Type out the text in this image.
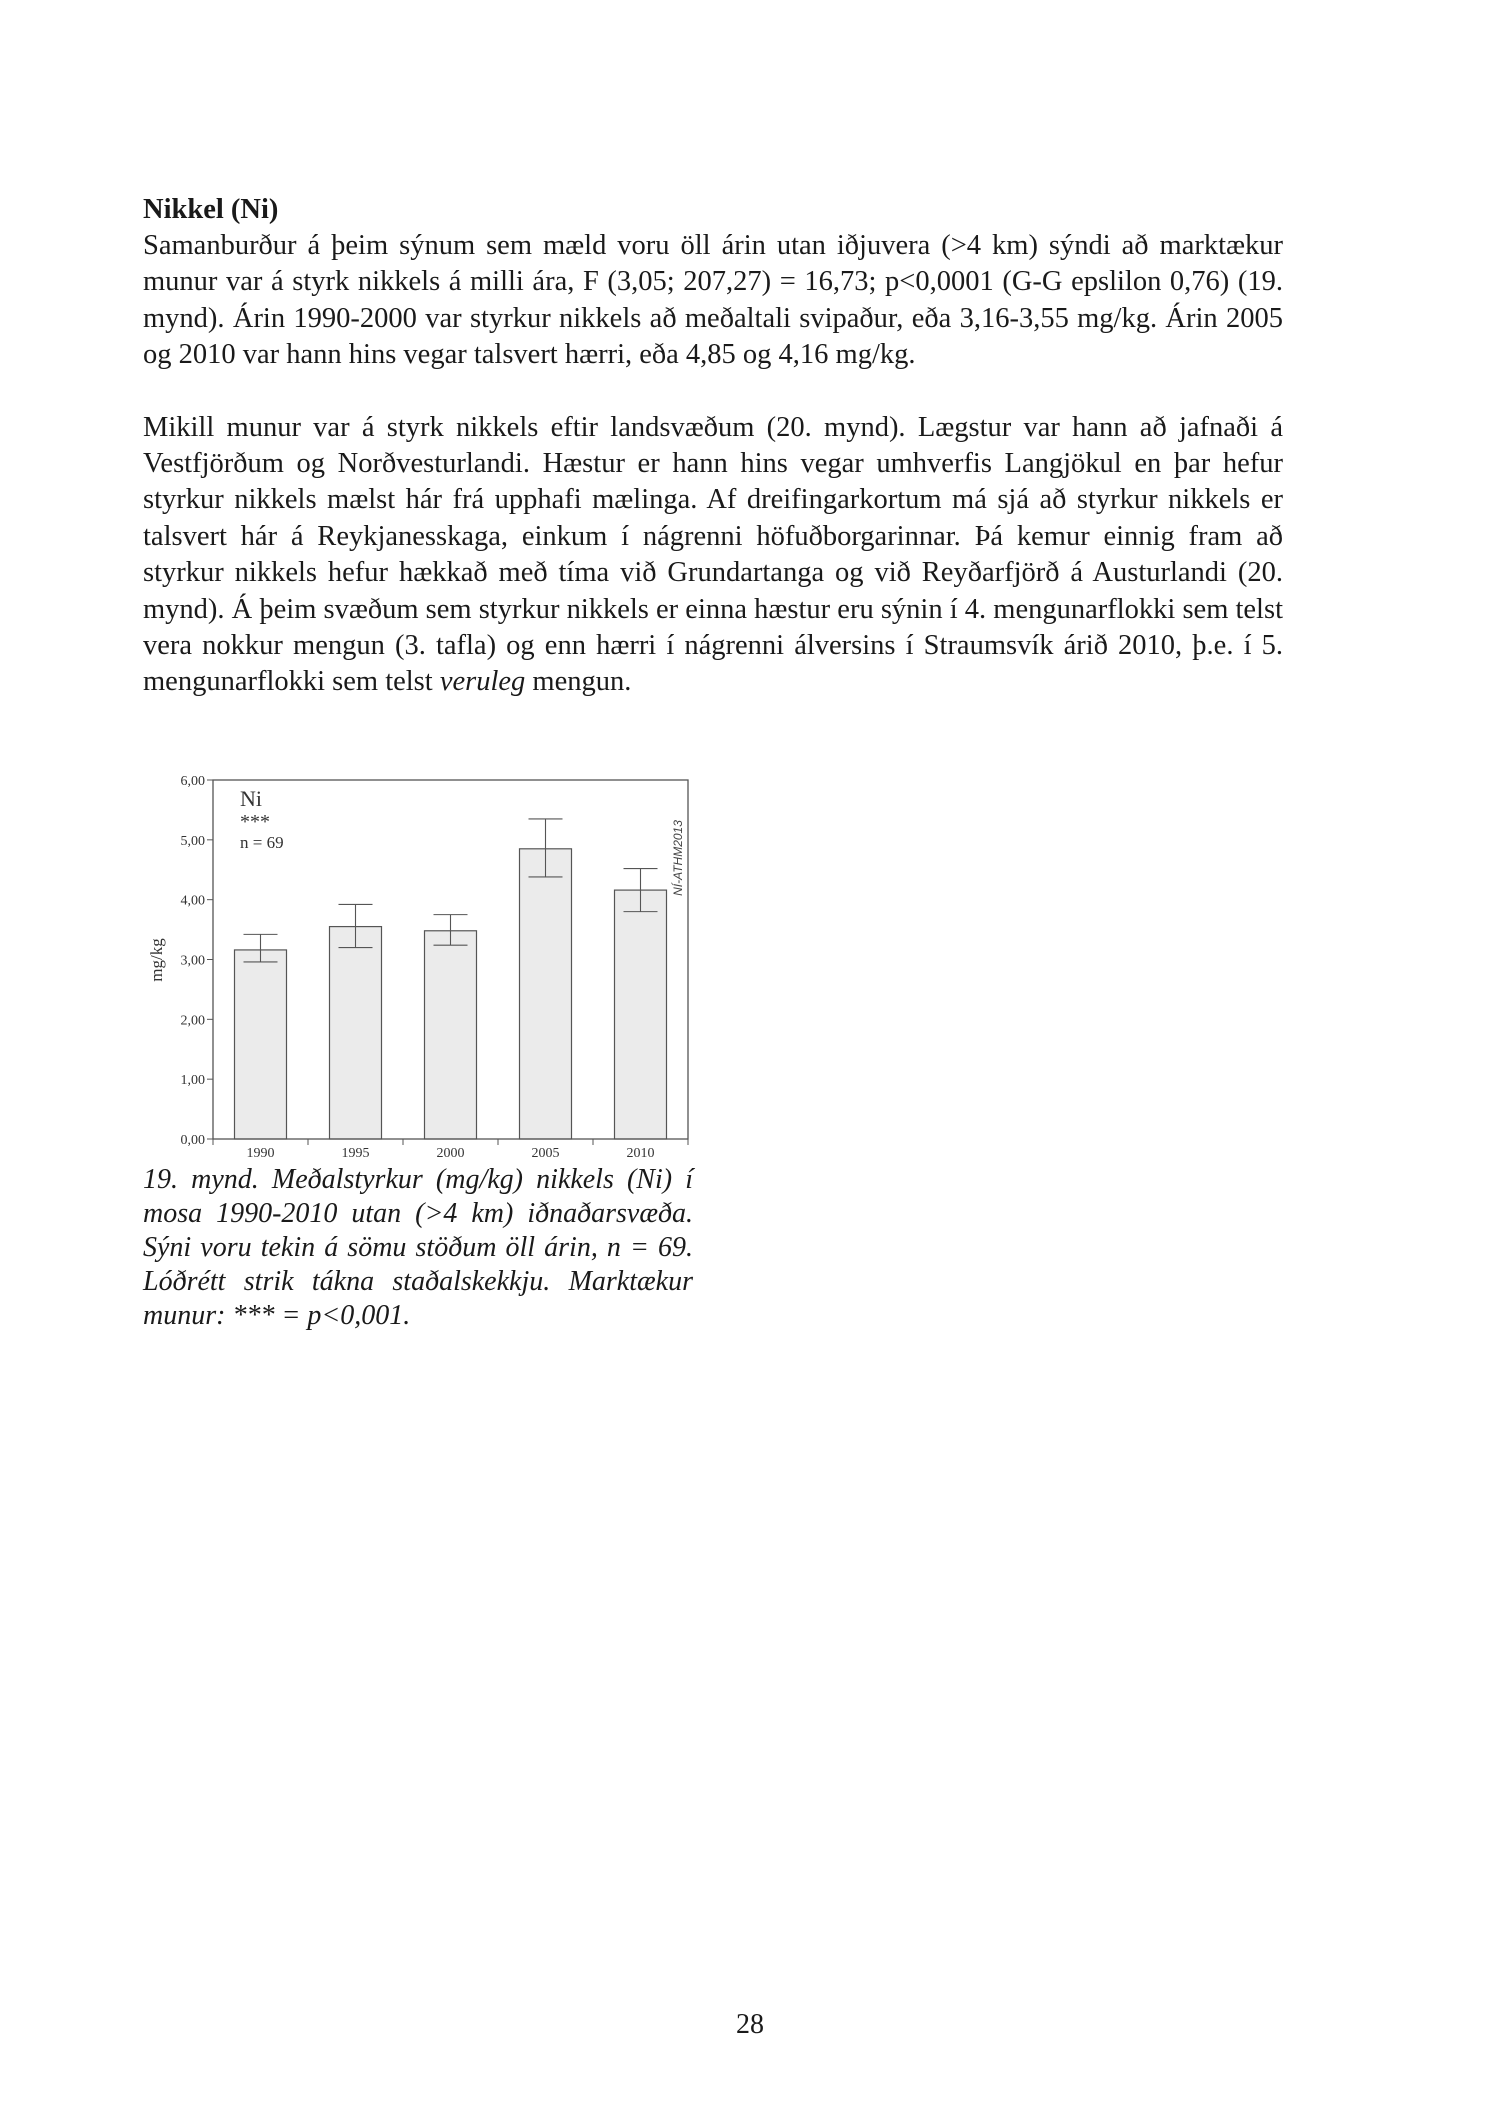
Nikkel (Ni)

Samanburður á þeim sýnum sem mæld voru öll árin utan iðjuvera (>4 km) sýndi að marktækur munur var á styrk nikkels á milli ára, F (3,05; 207,27) = 16,73; p<0,0001 (G-G epslilon 0,76) (19. mynd). Árin 1990-2000 var styrkur nikkels að meðaltali svipaður, eða 3,16-3,55 mg/kg. Árin 2005 og 2010 var hann hins vegar talsvert hærri, eða 4,85 og 4,16 mg/kg.

Mikill munur var á styrk nikkels eftir landsvæðum (20. mynd). Lægstur var hann að jafnaði á Vestfjörðum og Norðvesturlandi. Hæstur er hann hins vegar umhverfis Langjökul en þar hefur styrkur nikkels mælst hár frá upphafi mælinga. Af dreifingarkortum má sjá að styrkur nikkels er talsvert hár á Reykjanesskaga, einkum í nágrenni höfuðborgarinnar. Þá kemur einnig fram að styrkur nikkels hefur hækkað með tíma við Grundartanga og við Reyðarfjörð á Austurlandi (20. mynd). Á þeim svæðum sem styrkur nikkels er einna hæstur eru sýnin í 4. mengunarflokki sem telst vera nokkur mengun (3. tafla) og enn hærri í nágrenni álversins í Straumsvík árið 2010, þ.e. í 5. mengunarflokki sem telst veruleg mengun.

0,00
1,00
2,00
3,00
4,00
5,00
6,00
1990	1995	2000	2005	2010
mg/kg
Ni
***
n = 69	NÍ-ATHM2013

19. mynd. Meðalstyrkur (mg/kg) nikkels (Ni) í mosa 1990-2010 utan (>4 km) iðnaðarsvæða. Sýni voru tekin á sömu stöðum öll árin, n = 69. Lóðrétt strik tákna staðalskekkju. Marktækur munur: *** = p<0,001.

28
